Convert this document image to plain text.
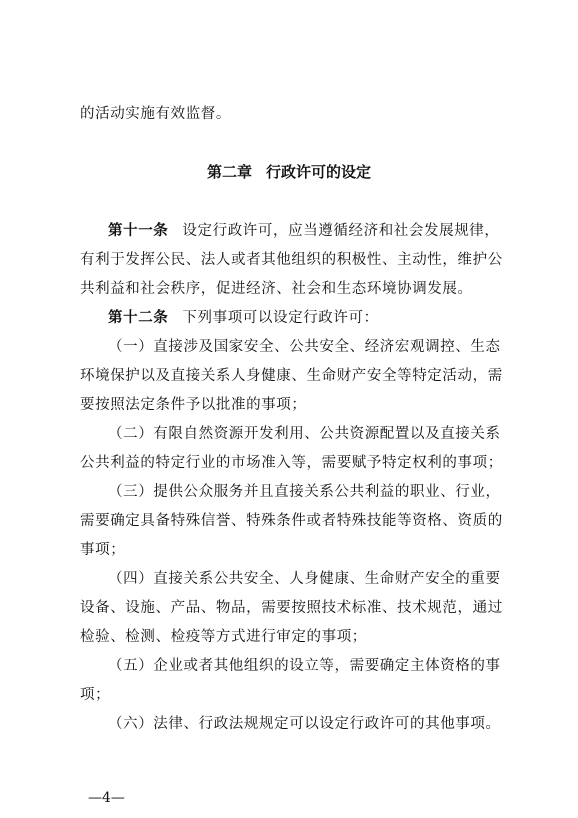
的活动实施有效监督。
第二章 行政许可的设定
第十一条 设定行政许可，应当遵循经济和社会发展规律，
有利于发挥公民、法人或者其他组织的积极性、主动性，维护公
共利益和社会秩序，促进经济、社会和生态环境协调发展。
第十二条 下列事项可以设定行政许可：
（一）直接涉及国家安全、公共安全、经济宏观调控、生态
环境保护以及直接关系人身健康、生命财产安全等特定活动，需
要按照法定条件予以批准的事项；
（二）有限自然资源开发利用、公共资源配置以及直接关系
公共利益的特定行业的市场准入等，需要赋予特定权利的事项；
（三）提供公众服务并且直接关系公共利益的职业、行业，
需要确定具备特殊信誉、特殊条件或者特殊技能等资格、资质的
事项；
（四）直接关系公共安全、人身健康、生命财产安全的重要
设备、设施、产品、物品，需要按照技术标准、技术规范，通过
检验、检测、检疫等方式进行审定的事项；
（五）企业或者其他组织的设立等，需要确定主体资格的事
项；
（六）法律、行政法规规定可以设定行政许可的其他事项。
—4—
